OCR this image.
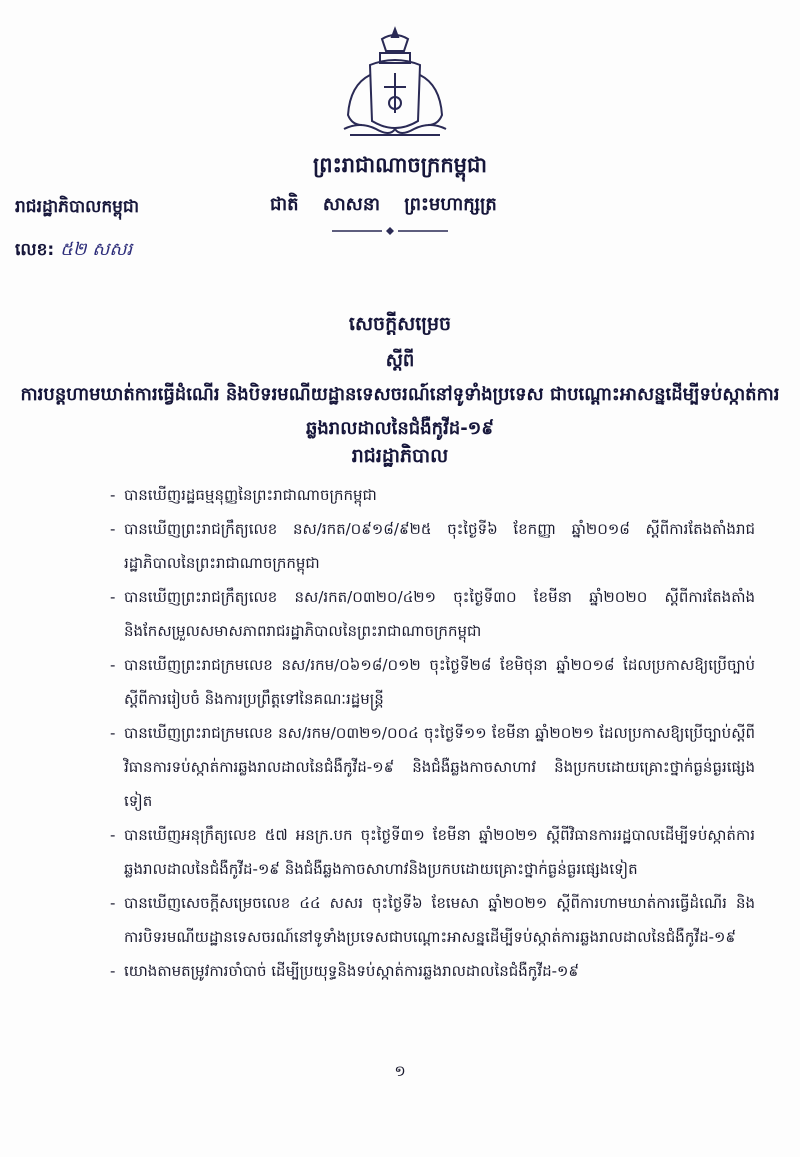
ព្រះរាជាណាចក្រកម្ពុជា
ជាតិ សាសនា ព្រះមហាក្សត្រ
រាជរដ្ឋាភិបាលកម្ពុជា
លេខ: ៥២ សសរ
សេចក្តីសម្រេច
ស្តីពី
ការបន្តហាមឃាត់ការធ្វើដំណើរ និងបិទរមណីយដ្ឋានទេសចរណ៍នៅទូទាំងប្រទេស ជាបណ្តោះអាសន្នដើម្បីទប់ស្កាត់ការឆ្លងរាលដាលនៃជំងឺកូវីដ-១៩
រាជរដ្ឋាភិបាល
- បានឃើញរដ្ឋធម្មនុញ្ញនៃព្រះរាជាណាចក្រកម្ពុជា
- បានឃើញព្រះរាជក្រឹត្យលេខ នស/រកត/០៩១៨/៩២៥ ចុះថ្ងៃទី៦ ខែកញ្ញា ឆ្នាំ២០១៨ ស្តីពីការតែងតាំងរាជរដ្ឋាភិបាលនៃព្រះរាជាណាចក្រកម្ពុជា
- បានឃើញព្រះរាជក្រឹត្យលេខ នស/រកត/០៣២០/៤២១ ចុះថ្ងៃទី៣០ ខែមីនា ឆ្នាំ២០២០ ស្តីពីការតែងតាំង និងកែសម្រួលសមាសភាពរាជរដ្ឋាភិបាលនៃព្រះរាជាណាចក្រកម្ពុជា
- បានឃើញព្រះរាជក្រមលេខ នស/រកម/០៦១៨/០១២ ចុះថ្ងៃទី២៨ ខែមិថុនា ឆ្នាំ២០១៨ ដែលប្រកាសឱ្យប្រើច្បាប់ស្តីពីការរៀបចំ និងការប្រព្រឹត្តទៅនៃគណៈរដ្ឋមន្ត្រី
- បានឃើញព្រះរាជក្រមលេខ នស/រកម/០៣២១/០០៤ ចុះថ្ងៃទី១១ ខែមីនា ឆ្នាំ២០២១ ដែលប្រកាសឱ្យប្រើច្បាប់ស្តីពីវិធានការទប់ស្កាត់ការឆ្លងរាលដាលនៃជំងឺកូវីដ-១៩ និងជំងឺឆ្លងកាចសាហាវ និងប្រកបដោយគ្រោះថ្នាក់ធ្ងន់ធ្ងរផ្សេងទៀត
- បានឃើញអនុក្រឹត្យលេខ ៥៧ អនក្រ.បក ចុះថ្ងៃទី៣១ ខែមីនា ឆ្នាំ២០២១ ស្តីពីវិធានការរដ្ឋបាលដើម្បីទប់ស្កាត់ការឆ្លងរាលដាលនៃជំងឺកូវីដ-១៩ និងជំងឺឆ្លងកាចសាហាវនិងប្រកបដោយគ្រោះថ្នាក់ធ្ងន់ធ្ងរផ្សេងទៀត
- បានឃើញសេចក្តីសម្រេចលេខ ៤៤ សសរ ចុះថ្ងៃទី៦ ខែមេសា ឆ្នាំ២០២១ ស្តីពីការហាមឃាត់ការធ្វើដំណើរ និងការបិទរមណីយដ្ឋានទេសចរណ៍នៅទូទាំងប្រទេសជាបណ្តោះអាសន្នដើម្បីទប់ស្កាត់ការឆ្លងរាលដាលនៃជំងឺកូវីដ-១៩
- យោងតាមតម្រូវការចាំបាច់ ដើម្បីប្រយុទ្ធនិងទប់ស្កាត់ការឆ្លងរាលដាលនៃជំងឺកូវីដ-១៩
១
